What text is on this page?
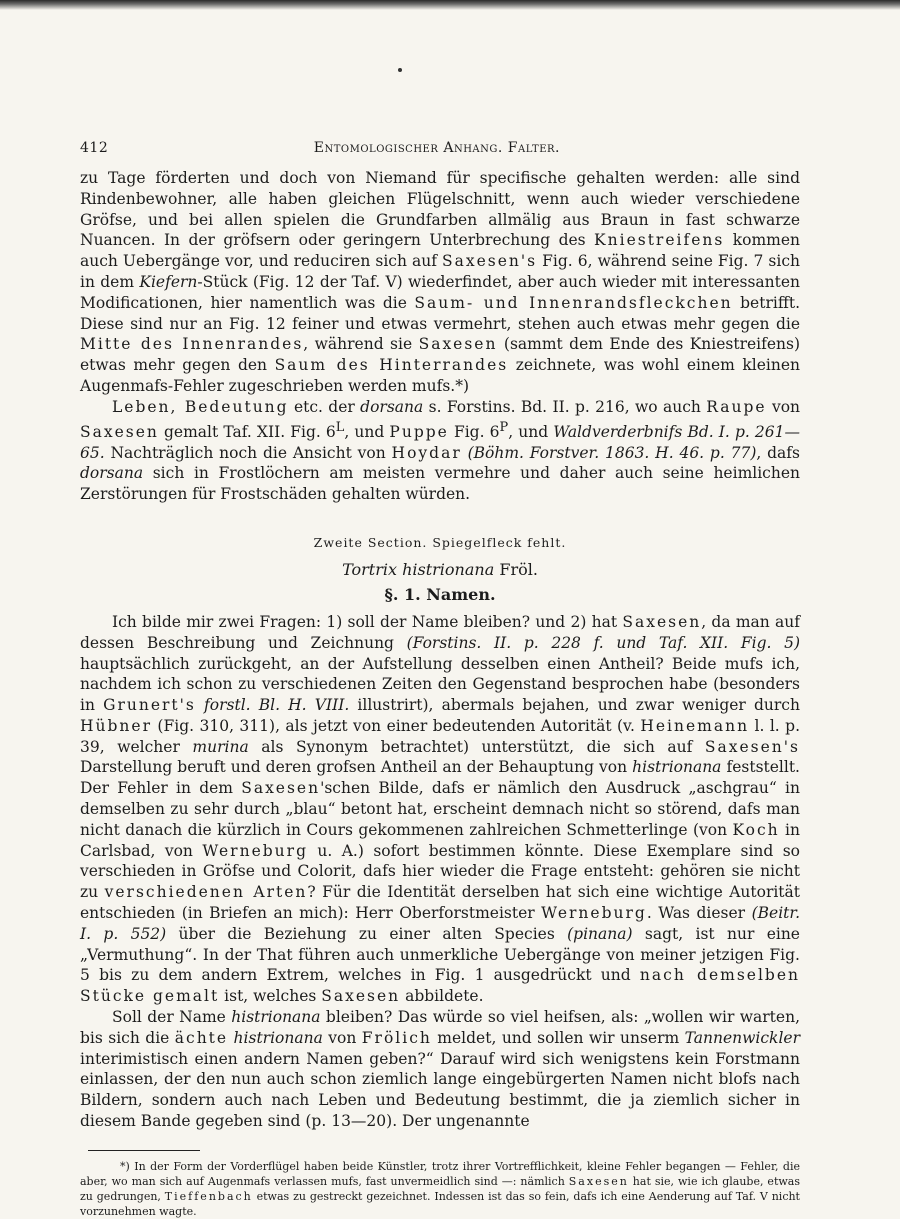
412	Entomologischer Anhang. Falter.

zu Tage förderten und doch von Niemand für specifische gehalten werden: alle sind Rindenbewohner, alle haben gleichen Flügelschnitt, wenn auch wieder verschiedene Gröfse, und bei allen spielen die Grundfarben allmälig aus Braun in fast schwarze Nuancen. In der gröfsern oder geringern Unterbrechung des Kniestreifens kommen auch Uebergänge vor, und reduciren sich auf Saxesen's Fig. 6, während seine Fig. 7 sich in dem Kiefern-Stück (Fig. 12 der Taf. V) wiederfindet, aber auch wieder mit interessanten Modificationen, hier namentlich was die Saum- und Innenrandsfleckchen betrifft. Diese sind nur an Fig. 12 feiner und etwas vermehrt, stehen auch etwas mehr gegen die Mitte des Innenrandes, während sie Saxesen (sammt dem Ende des Kniestreifens) etwas mehr gegen den Saum des Hinterrandes zeichnete, was wohl einem kleinen Augenmafs-Fehler zugeschrieben werden mufs.*)

Leben, Bedeutung etc. der dorsana s. Forstins. Bd. II. p. 216, wo auch Raupe von Saxesen gemalt Taf. XII. Fig. $6^L$, und Puppe Fig. $6^P$, und Waldverderbnifs Bd. I. p. 261—65. Nachträglich noch die Ansicht von Hoydar (Böhm. Forstver. 1863. H. 46. p. 77), dafs dorsana sich in Frostlöchern am meisten vermehre und daher auch seine heimlichen Zerstörungen für Frostschäden gehalten würden.

Zweite Section. Spiegelfleck fehlt.
Tortrix histrionana Fröl.
§. 1. Namen.

Ich bilde mir zwei Fragen: 1) soll der Name bleiben? und 2) hat Saxesen, da man auf dessen Beschreibung und Zeichnung (Forstins. II. p. 228 f. und Taf. XII. Fig. 5) hauptsächlich zurückgeht, an der Aufstellung desselben einen Antheil? Beide mufs ich, nachdem ich schon zu verschiedenen Zeiten den Gegenstand besprochen habe (besonders in Grunert's forstl. Bl. H. VIII. illustrirt), abermals bejahen, und zwar weniger durch Hübner (Fig. 310, 311), als jetzt von einer bedeutenden Autorität (v. Heinemann l. l. p. 39, welcher murina als Synonym betrachtet) unterstützt, die sich auf Saxesen's Darstellung beruft und deren grofsen Antheil an der Behauptung von histrionana feststellt. Der Fehler in dem Saxesen'schen Bilde, dafs er nämlich den Ausdruck „aschgrau“ in demselben zu sehr durch „blau“ betont hat, erscheint demnach nicht so störend, dafs man nicht danach die kürzlich in Cours gekommenen zahlreichen Schmetterlinge (von Koch in Carlsbad, von Werneburg u. A.) sofort bestimmen könnte. Diese Exemplare sind so verschieden in Gröfse und Colorit, dafs hier wieder die Frage entsteht: gehören sie nicht zu verschiedenen Arten? Für die Identität derselben hat sich eine wichtige Autorität entschieden (in Briefen an mich): Herr Oberforstmeister Werneburg. Was dieser (Beitr. I. p. 552) über die Beziehung zu einer alten Species (pinana) sagt, ist nur eine „Vermuthung“. In der That führen auch unmerkliche Uebergänge von meiner jetzigen Fig. 5 bis zu dem andern Extrem, welches in Fig. 1 ausgedrückt und nach demselben Stücke gemalt ist, welches Saxesen abbildete.

Soll der Name histrionana bleiben? Das würde so viel heifsen, als: „wollen wir warten, bis sich die ächte histrionana von Frölich meldet, und sollen wir unserm Tannenwickler interimistisch einen andern Namen geben?“ Darauf wird sich wenigstens kein Forstmann einlassen, der den nun auch schon ziemlich lange eingebürgerten Namen nicht blofs nach Bildern, sondern auch nach Leben und Bedeutung bestimmt, die ja ziemlich sicher in diesem Bande gegeben sind (p. 13—20). Der ungenannte

*) In der Form der Vorderflügel haben beide Künstler, trotz ihrer Vortrefflichkeit, kleine Fehler begangen — Fehler, die aber, wo man sich auf Augenmafs verlassen mufs, fast unvermeidlich sind —: nämlich Saxesen hat sie, wie ich glaube, etwas zu gedrungen, Tieffenbach etwas zu gestreckt gezeichnet. Indessen ist das so fein, dafs ich eine Aenderung auf Taf. V nicht vorzunehmen wagte.
